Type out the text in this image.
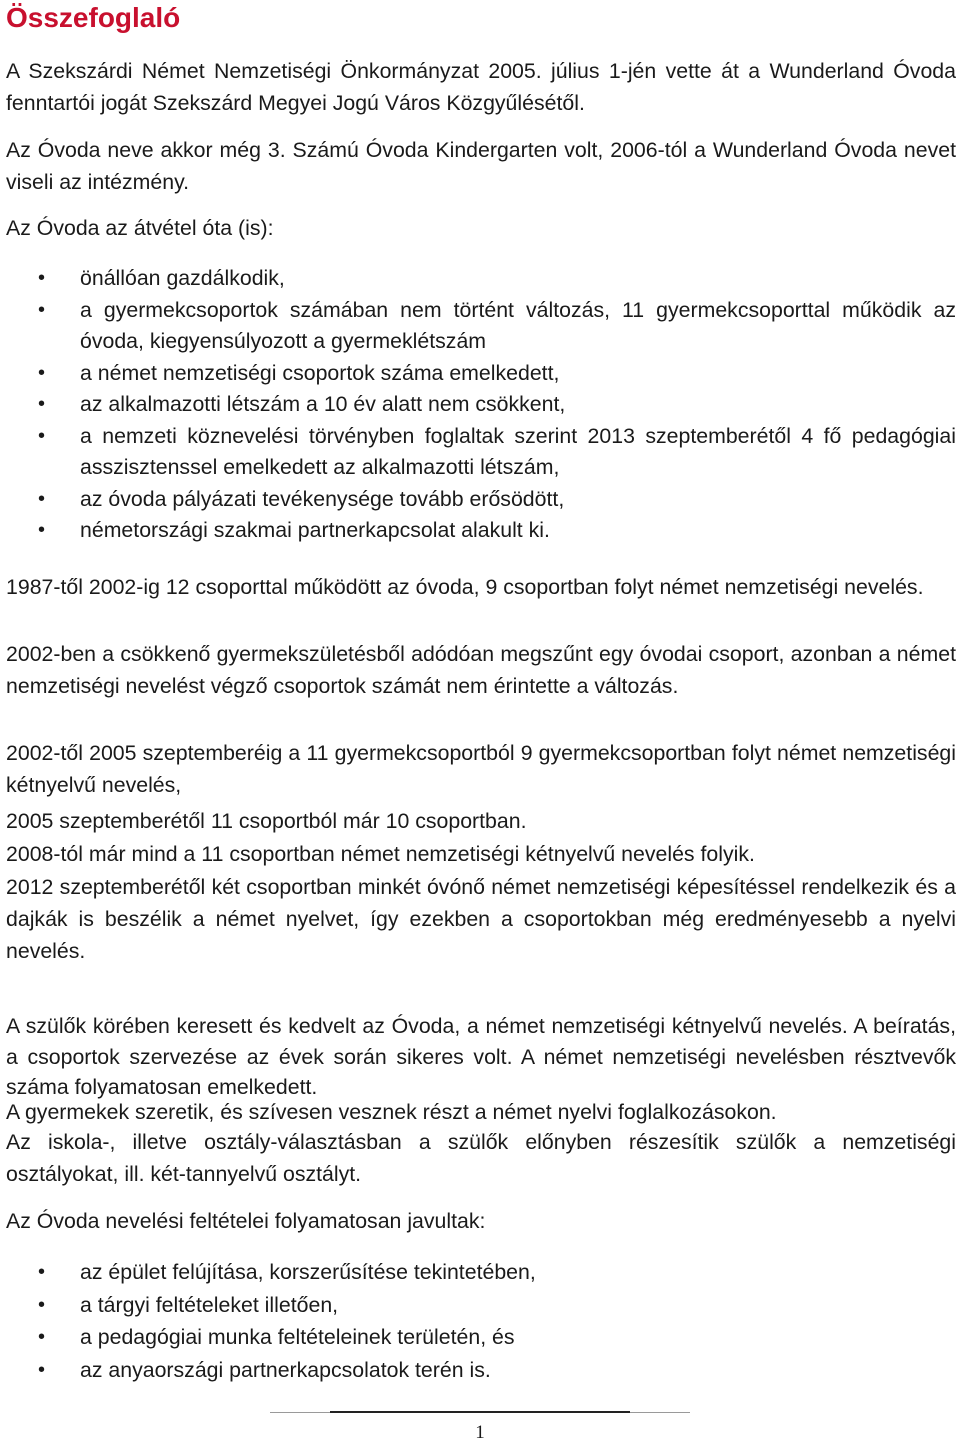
Összefoglaló

A Szekszárdi Német Nemzetiségi Önkormányzat 2005. július 1-jén vette át a Wunderland Óvoda fenntartói jogát Szekszárd Megyei Jogú Város Közgyűlésétől.

Az Óvoda neve akkor még 3. Számú Óvoda Kindergarten volt, 2006-tól a Wunderland Óvoda nevet viseli az intézmény.

Az Óvoda az átvétel óta (is):

• önállóan gazdálkodik,
• a gyermekcsoportok számában nem történt változás, 11 gyermekcsoporttal működik az óvoda, kiegyensúlyozott a gyermeklétszám
• a német nemzetiségi csoportok száma emelkedett,
• az alkalmazotti létszám a 10 év alatt nem csökkent,
• a nemzeti köznevelési törvényben foglaltak szerint 2013 szeptemberétől 4 fő pedagógiai asszisztenssel emelkedett az alkalmazotti létszám,
• az óvoda pályázati tevékenysége tovább erősödött,
• németországi szakmai partnerkapcsolat alakult ki.

1987-től 2002-ig 12 csoporttal működött az óvoda, 9 csoportban folyt német nemzetiségi nevelés.

2002-ben a csökkenő gyermekszületésből adódóan megszűnt egy óvodai csoport, azonban a német nemzetiségi nevelést végző csoportok számát nem érintette a változás.

2002-től 2005 szeptemberéig a 11 gyermekcsoportból 9 gyermekcsoportban folyt német nemzetiségi kétnyelvű nevelés,

2005 szeptemberétől 11 csoportból már 10 csoportban.

2008-tól már mind a 11 csoportban német nemzetiségi kétnyelvű nevelés folyik.

2012 szeptemberétől két csoportban minkét óvónő német nemzetiségi képesítéssel rendelkezik és a dajkák is beszélik a német nyelvet, így ezekben a csoportokban még eredményesebb a nyelvi nevelés.

A szülők körében keresett és kedvelt az Óvoda, a német nemzetiségi kétnyelvű nevelés. A beíratás, a csoportok szervezése az évek során sikeres volt. A német nemzetiségi nevelésben résztvevők száma folyamatosan emelkedett.

A gyermekek szeretik, és szívesen vesznek részt a német nyelvi foglalkozásokon.

Az iskola-, illetve osztály-választásban a szülők előnyben részesítik szülők a nemzetiségi osztályokat, ill. két-tannyelvű osztályt.

Az Óvoda nevelési feltételei folyamatosan javultak:

• az épület felújítása, korszerűsítése tekintetében,
• a tárgyi feltételeket illetően,
• a pedagógiai munka feltételeinek területén, és
• az anyaországi partnerkapcsolatok terén is.
1
